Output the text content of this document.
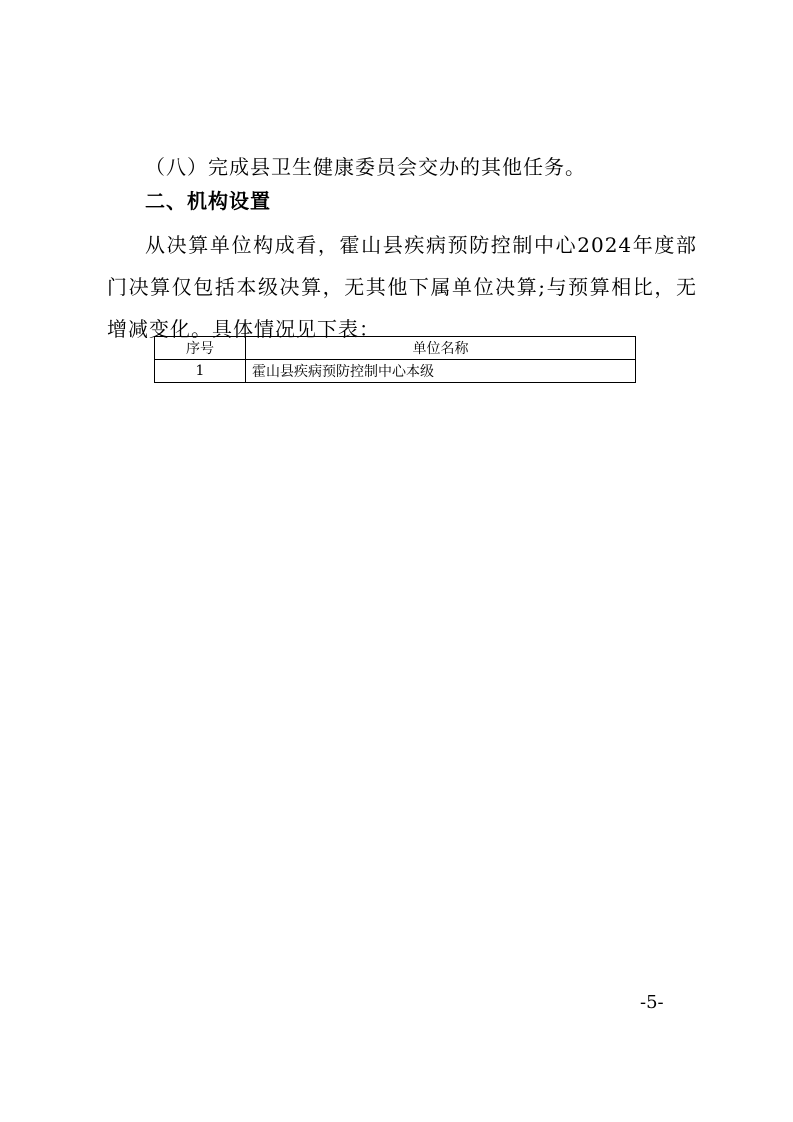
（八）完成县卫生健康委员会交办的其他任务。

二、机构设置

从决算单位构成看，霍山县疾病预防控制中心2024年度部门决算仅包括本级决算，无其他下属单位决算;与预算相比，无增减变化。具体情况见下表：

序号	单位名称
1	霍山县疾病预防控制中心本级
-5-
